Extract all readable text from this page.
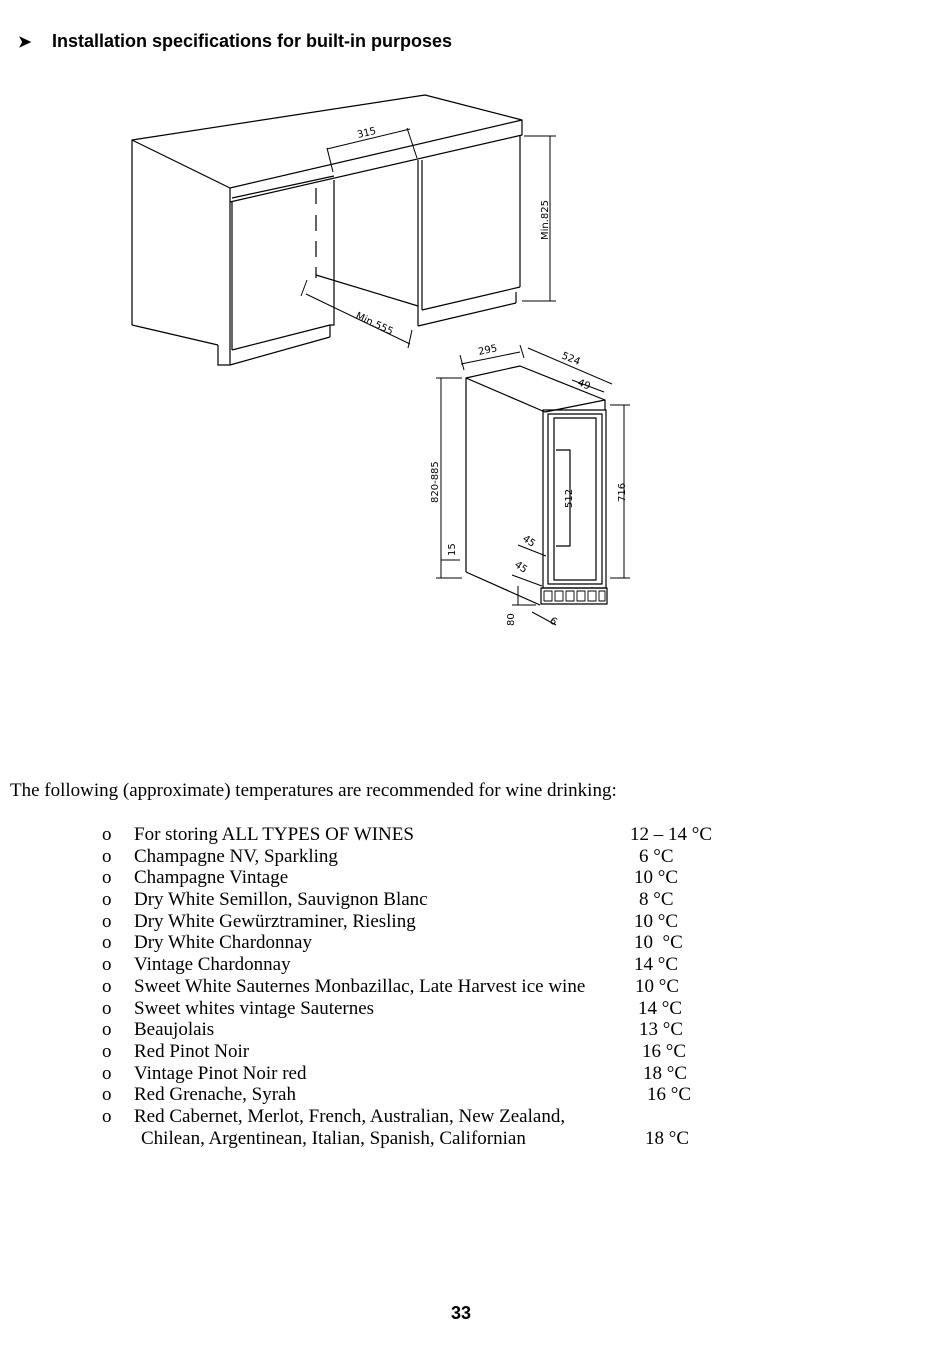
➤ Installation specifications for built-in purposes
315
Min.825
Min.555
295
524
49
820-885
15
512	716
45
45
80	6
The following (approximate) temperatures are recommended for wine drinking:
o For storing ALL TYPES OF WINES	12 – 14 °C
o Champagne NV, Sparkling	6 °C
o Champagne Vintage	10 °C
o Dry White Semillon, Sauvignon Blanc	8 °C
o Dry White Gewürztraminer, Riesling	10 °C
o Dry White Chardonnay	10  °C
o Vintage Chardonnay	14 °C
o Sweet White Sauternes Monbazillac, Late Harvest ice wine	10 °C
o Sweet whites vintage Sauternes	14 °C
o Beaujolais	13 °C
o Red Pinot Noir	16 °C
o Vintage Pinot Noir red	18 °C
o Red Grenache, Syrah	16 °C
o Red Cabernet, Merlot, French, Australian, New Zealand,
Chilean, Argentinean, Italian, Spanish, Californian	18 °C
33
